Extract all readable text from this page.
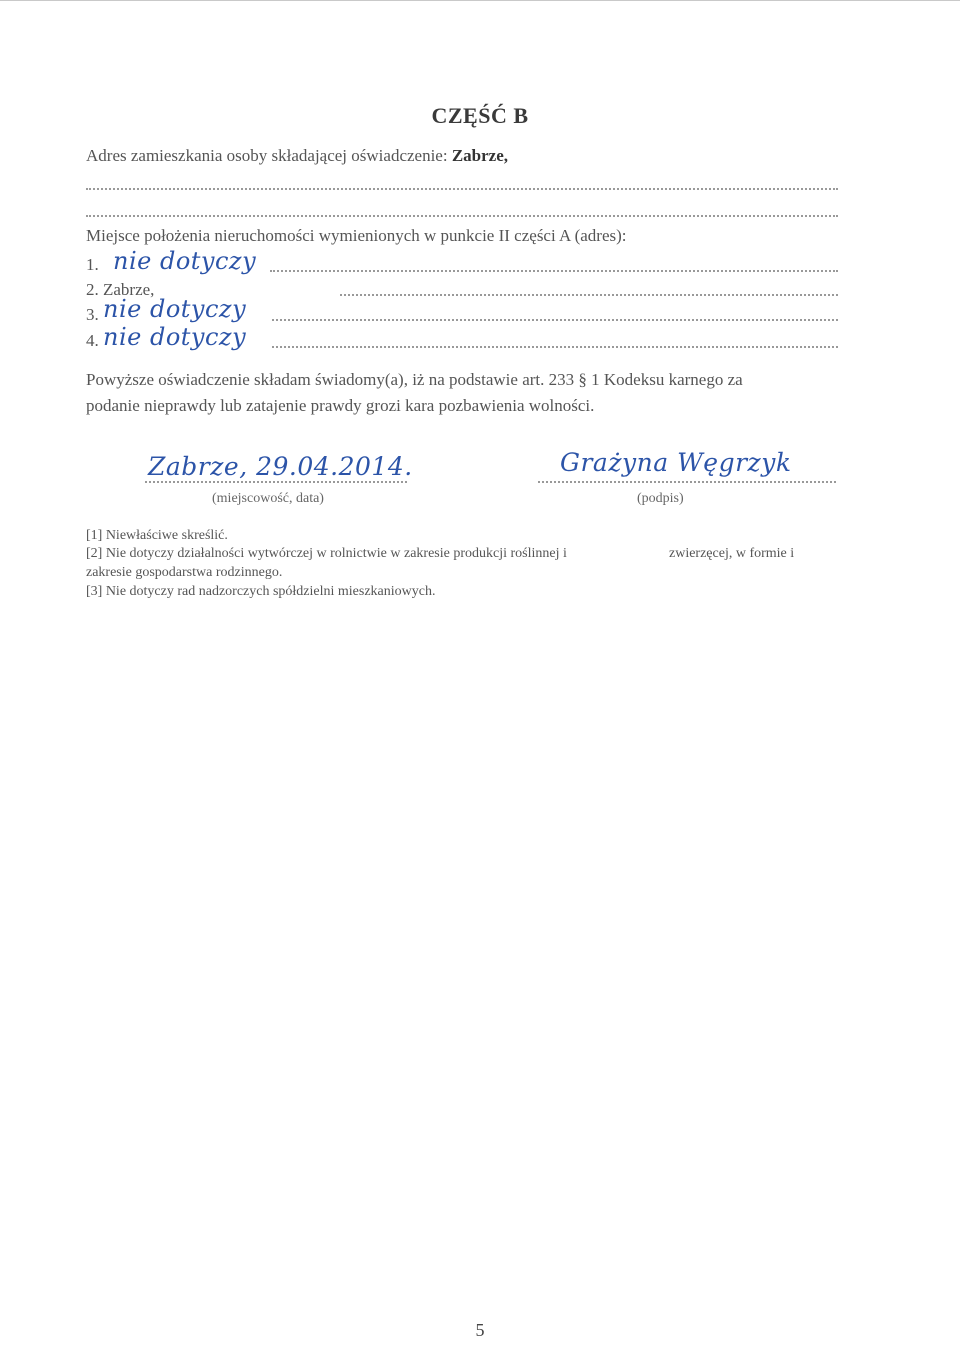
CZĘŚĆ B
Adres zamieszkania osoby składającej oświadczenie: Zabrze,
Miejsce położenia nieruchomości wymienionych w punkcie II części A (adres):
1. nie dotyczy
2. Zabrze,
3. nie dotyczy
4. nie dotyczy
Powyższe oświadczenie składam świadomy(a), iż na podstawie art. 233 § 1 Kodeksu karnego za
podanie nieprawdy lub zatajenie prawdy grozi kara pozbawienia wolności.
Zabrze, 29.04.2014.
(miejscowość, data)
Grażyna Węgrzyk
(podpis)
[1] Niewłaściwe skreślić.
[2] Nie dotyczy działalności wytwórczej w rolnictwie w zakresie produkcji roślinnej i	zwierzęcej, w formie i
zakresie gospodarstwa rodzinnego.
[3] Nie dotyczy rad nadzorczych spółdzielni mieszkaniowych.
5
